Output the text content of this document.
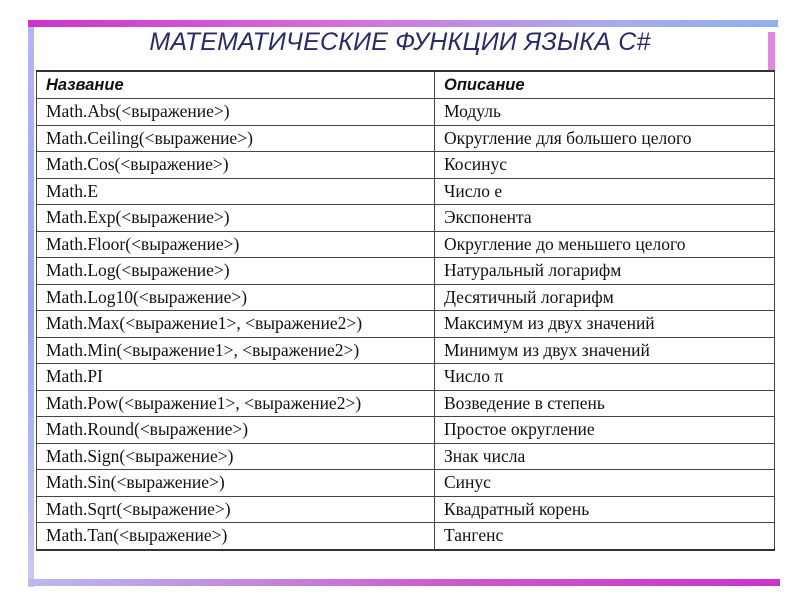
МАТЕМАТИЧЕСКИЕ ФУНКЦИИ ЯЗЫКА С#
Название	Описание
Math.Abs(<выражение>)	Модуль
Math.Ceiling(<выражение>)	Округление для большего целого
Math.Cos(<выражение>)	Косинус
Math.E	Число е
Math.Exp(<выражение>)	Экспонента
Math.Floor(<выражение>)	Округление до меньшего целого
Math.Log(<выражение>)	Натуральный логарифм
Math.Log10(<выражение>)	Десятичный логарифм
Math.Max(<выражение1>, <выражение2>)	Максимум из двух значений
Math.Min(<выражение1>, <выражение2>)	Минимум из двух значений
Math.PI	Число π
Math.Pow(<выражение1>, <выражение2>)	Возведение в степень
Math.Round(<выражение>)	Простое округление
Math.Sign(<выражение>)	Знак числа
Math.Sin(<выражение>)	Синус
Math.Sqrt(<выражение>)	Квадратный корень
Math.Tan(<выражение>)	Тангенс
